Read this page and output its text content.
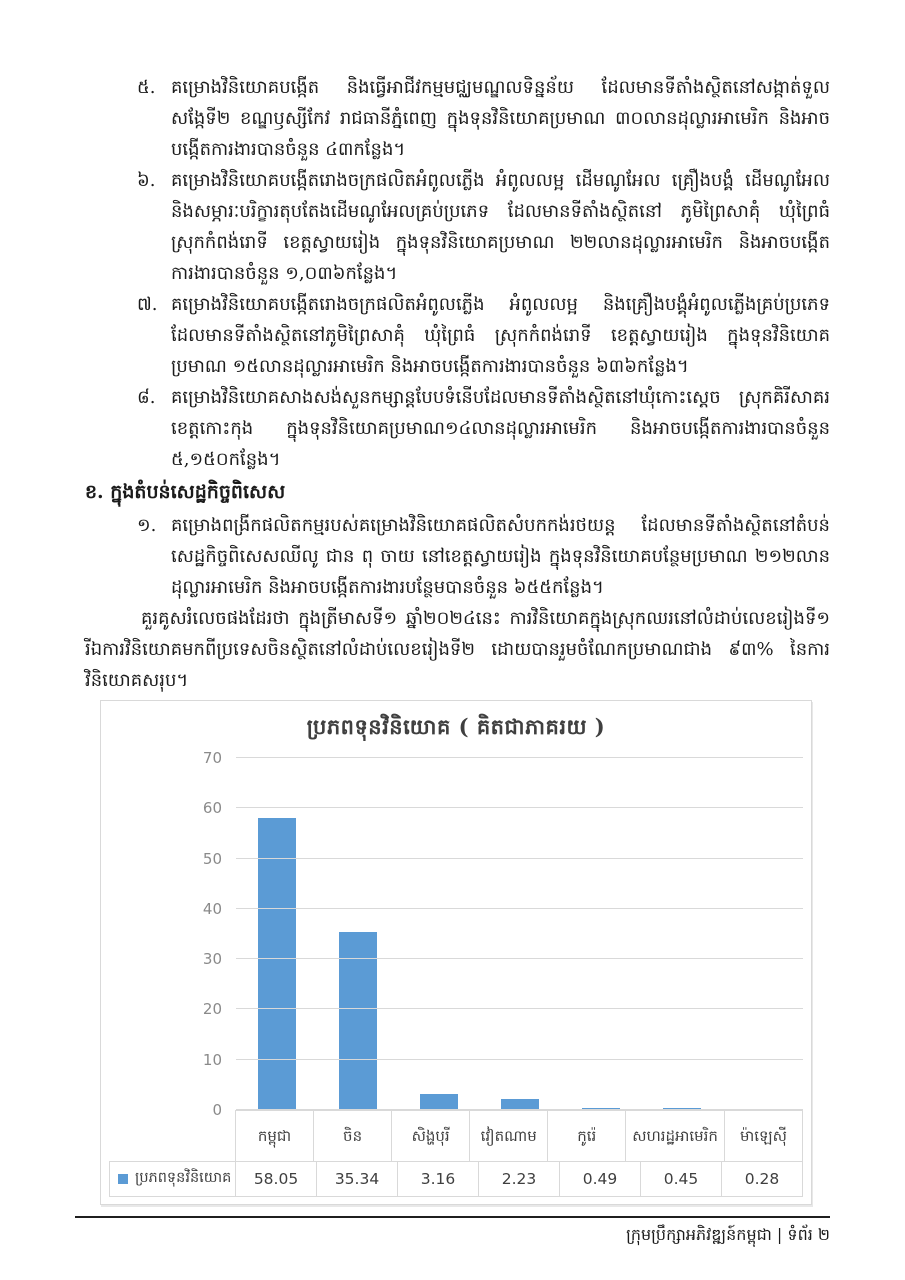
៥. គម្រោងវិនិយោគបង្កើត និងធ្វើអាជីវកម្មមជ្ឈមណ្ឌលទិន្នន័យ ដែលមានទីតាំងស្ថិតនៅសង្កាត់ទួលសង្កែទី២ ខណ្ឌឫស្សីកែវ រាជធានីភ្នំពេញ ក្នុងទុនវិនិយោគប្រមាណ ៣០លានដុល្លារអាមេរិក និងអាចបង្កើតការងារបានចំនួន ៤៣កន្លែង។
៦. គម្រោងវិនិយោគបង្កើតរោងចក្រផលិតអំពូលភ្លើង អំពូលលម្អ ដើមណូអែល គ្រឿងបង្គំ ដើមណូអែល និងសម្ភារៈបរិក្ខារតុបតែងដើមណូអែលគ្រប់ប្រភេទ ដែលមានទីតាំងស្ថិតនៅ ភូមិព្រៃសាគុំ ឃុំព្រៃធំ ស្រុកកំពង់រោទី ខេត្តស្វាយរៀង ក្នុងទុនវិនិយោគប្រមាណ ២២លានដុល្លារអាមេរិក និងអាចបង្កើតការងារបានចំនួន ១,០៣៦កន្លែង។
៧. គម្រោងវិនិយោគបង្កើតរោងចក្រផលិតអំពូលភ្លើង អំពូលលម្អ និងគ្រឿងបង្គុំអំពូលភ្លើងគ្រប់ប្រភេទ ដែលមានទីតាំងស្ថិតនៅភូមិព្រៃសាគុំ ឃុំព្រៃធំ ស្រុកកំពង់រោទី ខេត្តស្វាយរៀង ក្នុងទុនវិនិយោគប្រមាណ ១៥លានដុល្លារអាមេរិក និងអាចបង្កើតការងារបានចំនួន ៦៣៦កន្លែង។
៨. គម្រោងវិនិយោគសាងសង់សួនកម្សាន្តបែបទំនើបដែលមានទីតាំងស្ថិតនៅឃុំកោះស្ដេច ស្រុកគិរីសាគរ ខេត្តកោះកុង ក្នុងទុនវិនិយោគប្រមាណ១៤លានដុល្លារអាមេរិក និងអាចបង្កើតការងារបានចំនួន ៥,១៥០កន្លែង។
ខ. ក្នុងតំបន់សេដ្ឋកិច្ចពិសេស
១. គម្រោងពង្រីកផលិតកម្មរបស់គម្រោងវិនិយោគផលិតសំបកកង់រថយន្ត ដែលមានទីតាំងស្ថិតនៅតំបន់សេដ្ឋកិច្ចពិសេសឈីលូ ជាន ពុ ចាយ នៅខេត្តស្វាយរៀង ក្នុងទុនវិនិយោគបន្ថែមប្រមាណ ២១២លានដុល្លារអាមេរិក និងអាចបង្កើតការងារបន្ថែមបានចំនួន ៦៥៥កន្លែង។
គួរគូសរំលេចផងដែរថា ក្នុងត្រីមាសទី១ ឆ្នាំ២០២៤នេះ ការវិនិយោគក្នុងស្រុកឈរនៅលំដាប់លេខរៀងទី១ រីឯការវិនិយោគមកពីប្រទេសចិនស្ថិតនៅលំដាប់លេខរៀងទី២ ដោយបានរួមចំណែកប្រមាណជាង ៩៣% នៃការវិនិយោគសរុប។
ប្រភពទុនវិនិយោគ ( គិតជាភាគរយ )
0
10
20
30
40
50
60
70
កម្ពុជា	ចិន	សិង្ហបុរី	វៀតណាម	កូរ៉េ	សហរដ្ឋអាមេរិក	ម៉ាឡេស៊ី
ប្រភពទុនវិនិយោគ	58.05	35.34	3.16	2.23	0.49	0.45	0.28
ក្រុមប្រឹក្សាអភិវឌ្ឍន៍កម្ពុជា | ទំព័រ ២
